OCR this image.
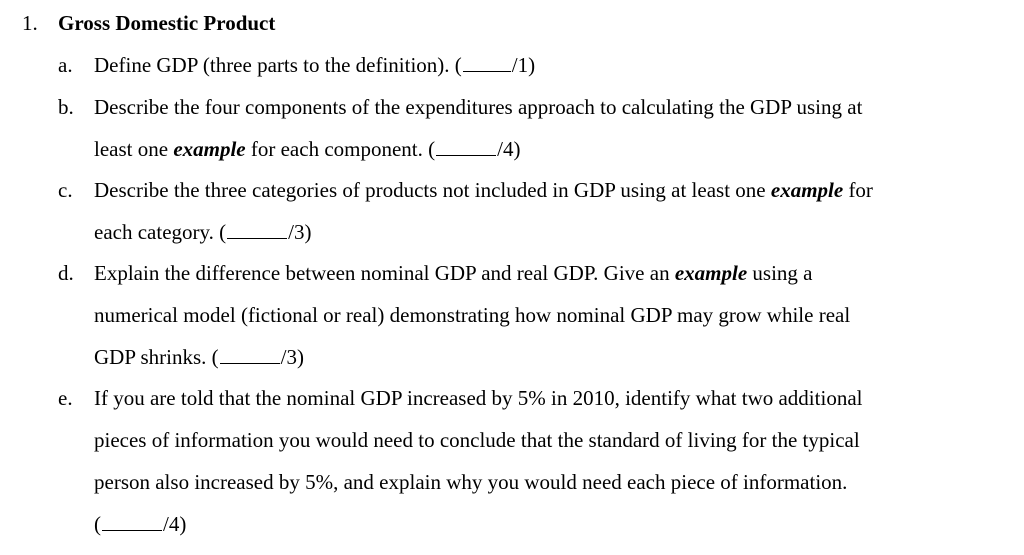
1. Gross Domestic Product
a. Define GDP (three parts to the definition). ( /1)
b. Describe the four components of the expenditures approach to calculating the GDP using at
least one example for each component. (	/4)
c. Describe the three categories of products not included in GDP using at least one example for
each category. (	/3)
d. Explain the difference between nominal GDP and real GDP. Give an example using a
numerical model (fictional or real) demonstrating how nominal GDP may grow while real
GDP shrinks. (	/3)
e. If you are told that the nominal GDP increased by 5% in 2010, identify what two additional
pieces of information you would need to conclude that the standard of living for the typical
person also increased by 5%, and explain why you would need each piece of information.
(	/4)
